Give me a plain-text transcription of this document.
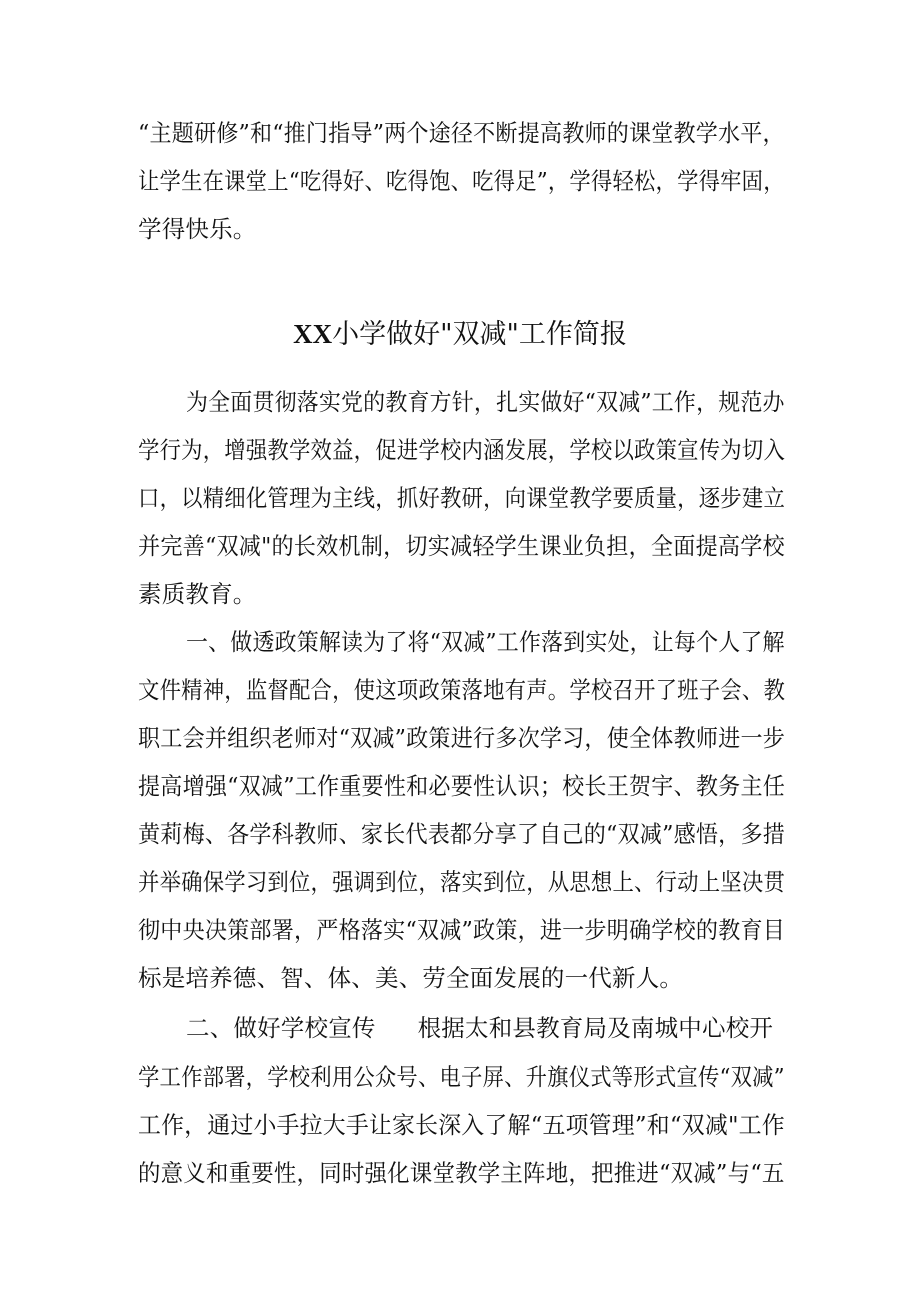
“主题研修”和“推门指导”两个途径不断提高教师的课堂教学水平，
让学生在课堂上“吃得好、吃得饱、吃得足”，学得轻松，学得牢固，
学得快乐。
XX小学做好"双减"工作简报
为全面贯彻落实党的教育方针，扎实做好“双减”工作，规范办
学行为，增强教学效益，促进学校内涵发展，学校以政策宣传为切入
口，以精细化管理为主线，抓好教研，向课堂教学要质量，逐步建立
并完善“双减"的长效机制，切实减轻学生课业负担，全面提高学校
素质教育。
一、做透政策解读为了将“双减”工作落到实处，让每个人了解
文件精神，监督配合，使这项政策落地有声。学校召开了班子会、教
职工会并组织老师对“双减”政策进行多次学习，使全体教师进一步
提高增强“双减”工作重要性和必要性认识；校长王贺宇、教务主任
黄莉梅、各学科教师、家长代表都分享了自己的“双减”感悟，多措
并举确保学习到位，强调到位，落实到位，从思想上、行动上坚决贯
彻中央决策部署，严格落实“双减”政策，进一步明确学校的教育目
标是培养德、智、体、美、劳全面发展的一代新人。
二、做好学校宣传 根据太和县教育局及南城中心校开
学工作部署，学校利用公众号、电子屏、升旗仪式等形式宣传“双减”
工作，通过小手拉大手让家长深入了解“五项管理”和“双减"工作
的意义和重要性，同时强化课堂教学主阵地，把推进“双减”与“五
